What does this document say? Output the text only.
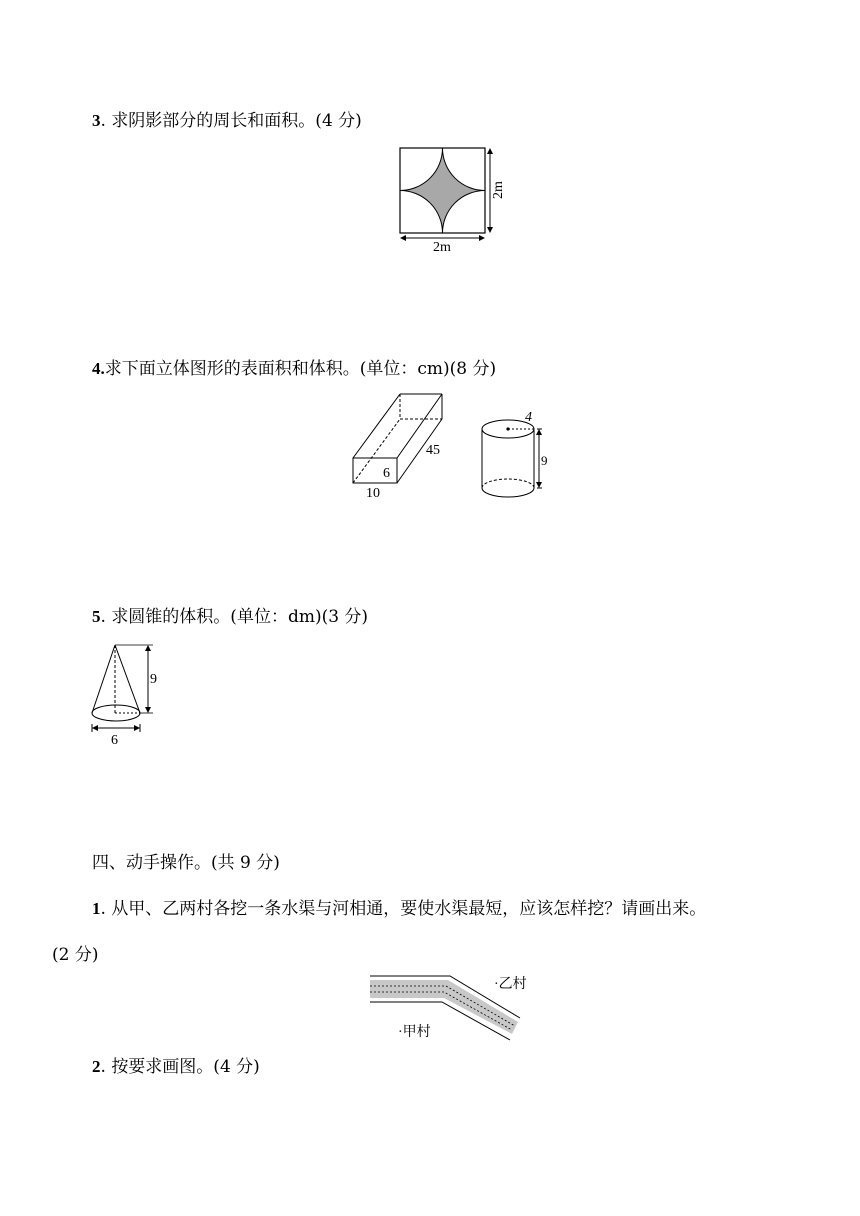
3. 求阴影部分的周长和面积。(4 分)
2m
2m
4.求下面立体图形的表面积和体积。(单位：cm)(8 分)
6
45
10
4
9
5. 求圆锥的体积。(单位：dm)(3 分)
9
6
四、动手操作。(共 9 分)
1. 从甲、乙两村各挖一条水渠与河相通，要使水渠最短，应该怎样挖？请画出来。
(2 分)
·乙村
·甲村
2. 按要求画图。(4 分)
